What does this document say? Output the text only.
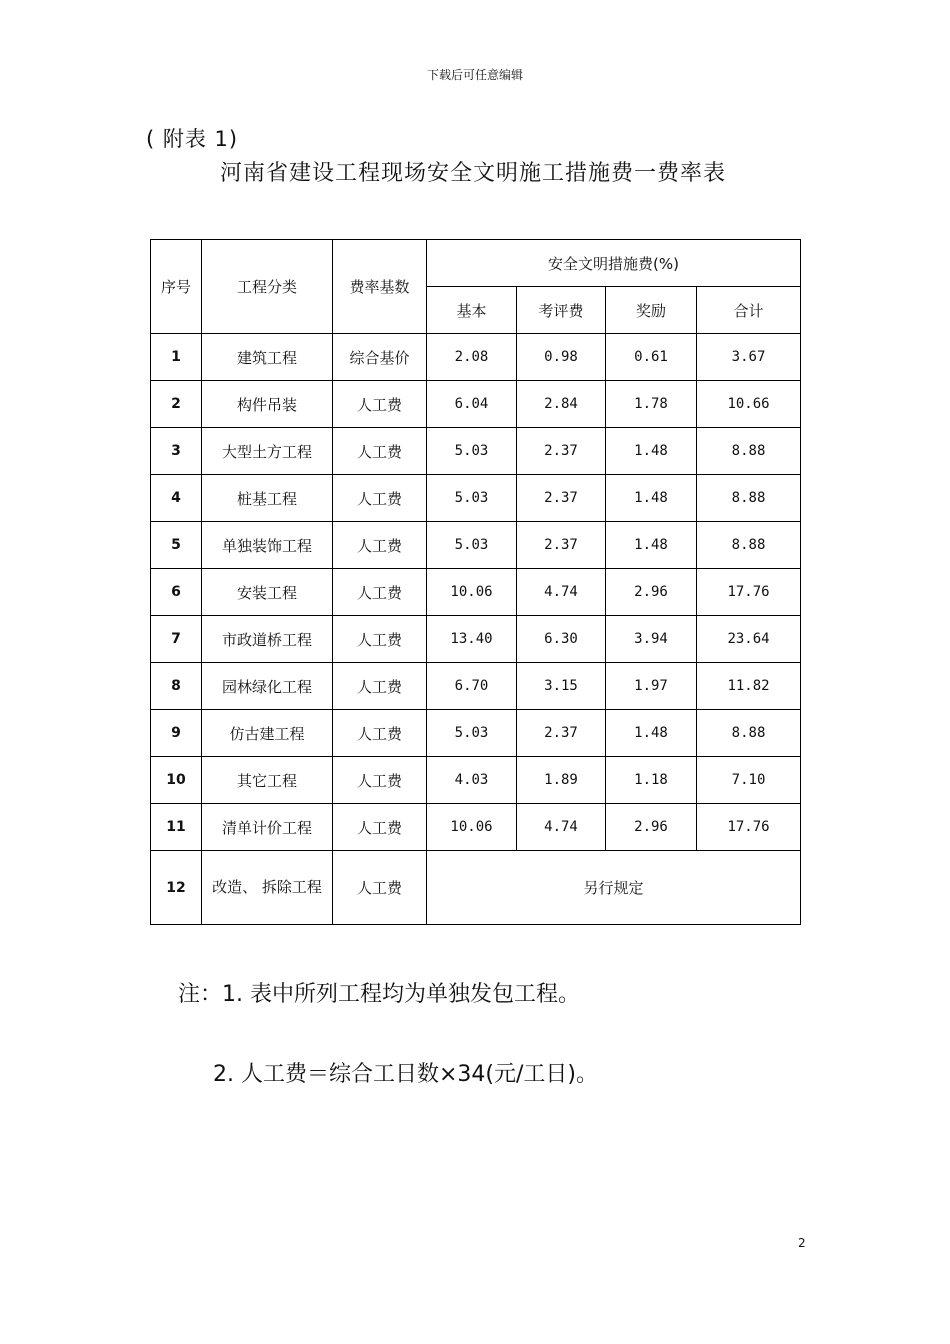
下载后可任意编辑
( 附表 1)
河南省建设工程现场安全文明施工措施费一费率表
序号	工程分类	费率基数	安全文明措施费(%)			
			基本	考评费	奖励	合计
1	建筑工程	综合基价	2.08	0.98	0.61	3.67
2	构件吊装	人工费	6.04	2.84	1.78	10.66
3	大型土方工程	人工费	5.03	2.37	1.48	8.88
4	桩基工程	人工费	5.03	2.37	1.48	8.88
5	单独装饰工程	人工费	5.03	2.37	1.48	8.88
6	安装工程	人工费	10.06	4.74	2.96	17.76
7	市政道桥工程	人工费	13.40	6.30	3.94	23.64
8	园林绿化工程	人工费	6.70	3.15	1.97	11.82
9	仿古建工程	人工费	5.03	2.37	1.48	8.88
10	其它工程	人工费	4.03	1.89	1.18	7.10
11	清单计价工程	人工费	10.06	4.74	2.96	17.76
12	改造、 拆除工程	人工费	另行规定			
注：1. 表中所列工程均为单独发包工程。
2. 人工费＝综合工日数×34(元/工日)。
2
